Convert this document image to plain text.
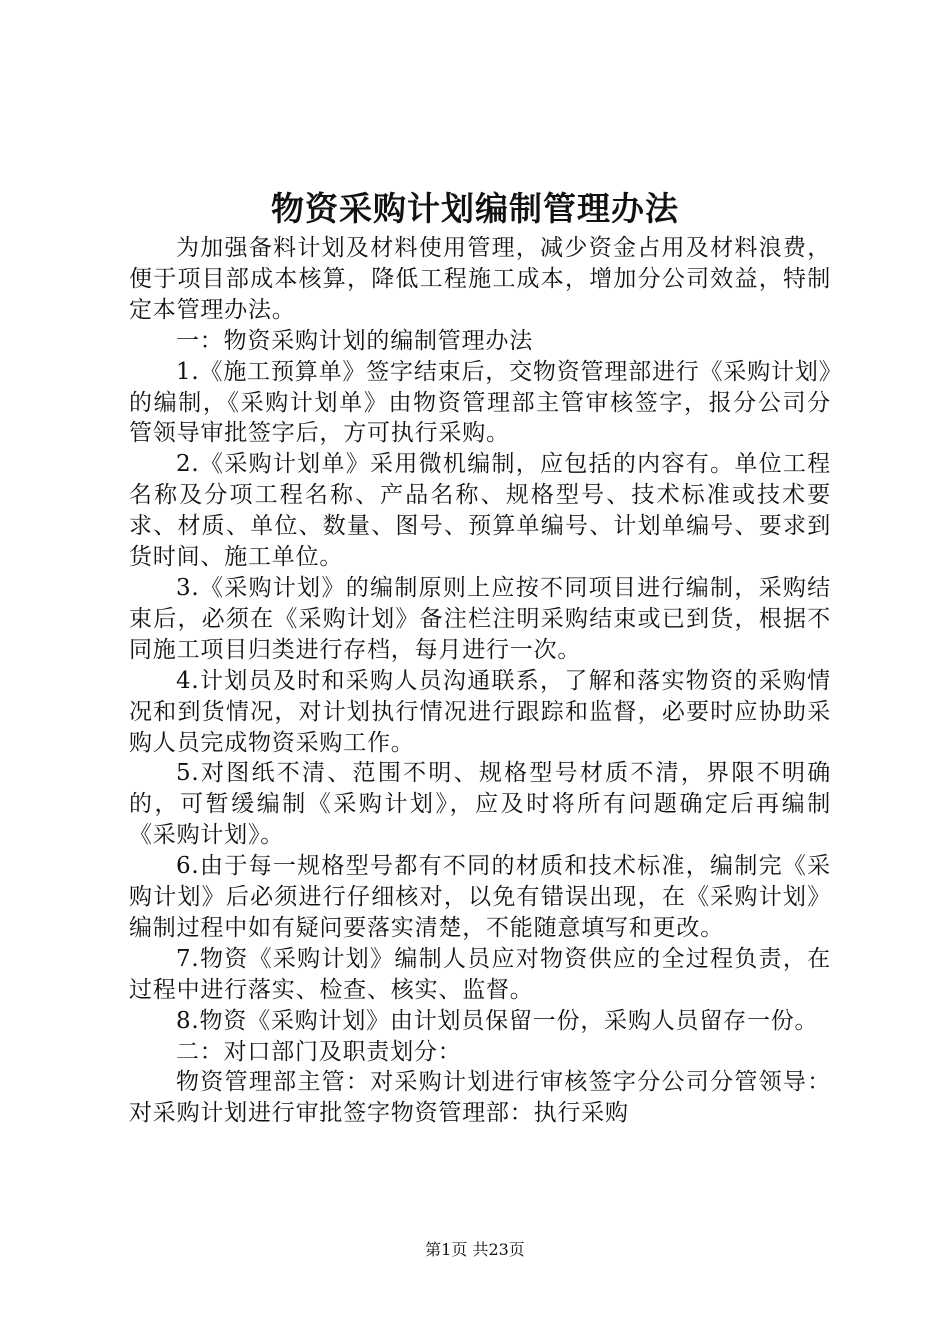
物资采购计划编制管理办法

为加强备料计划及材料使用管理，减少资金占用及材料浪费，便于项目部成本核算，降低工程施工成本，增加分公司效益，特制定本管理办法。

一：物资采购计划的编制管理办法

1.《施工预算单》签字结束后，交物资管理部进行《采购计划》的编制，《采购计划单》由物资管理部主管审核签字，报分公司分管领导审批签字后，方可执行采购。

2.《采购计划单》采用微机编制，应包括的内容有。单位工程名称及分项工程名称、产品名称、规格型号、技术标准或技术要求、材质、单位、数量、图号、预算单编号、计划单编号、要求到货时间、施工单位。

3.《采购计划》的编制原则上应按不同项目进行编制，采购结束后，必须在《采购计划》备注栏注明采购结束或已到货，根据不同施工项目归类进行存档，每月进行一次。

4.计划员及时和采购人员沟通联系，了解和落实物资的采购情况和到货情况，对计划执行情况进行跟踪和监督，必要时应协助采购人员完成物资采购工作。

5.对图纸不清、范围不明、规格型号材质不清，界限不明确的，可暂缓编制《采购计划》，应及时将所有问题确定后再编制《采购计划》。

6.由于每一规格型号都有不同的材质和技术标准，编制完《采购计划》后必须进行仔细核对，以免有错误出现，在《采购计划》编制过程中如有疑问要落实清楚，不能随意填写和更改。

7.物资《采购计划》编制人员应对物资供应的全过程负责，在过程中进行落实、检查、核实、监督。

8.物资《采购计划》由计划员保留一份，采购人员留存一份。

二：对口部门及职责划分：

物资管理部主管：对采购计划进行审核签字分公司分管领导：对采购计划进行审批签字物资管理部：执行采购

第1页 共23页
